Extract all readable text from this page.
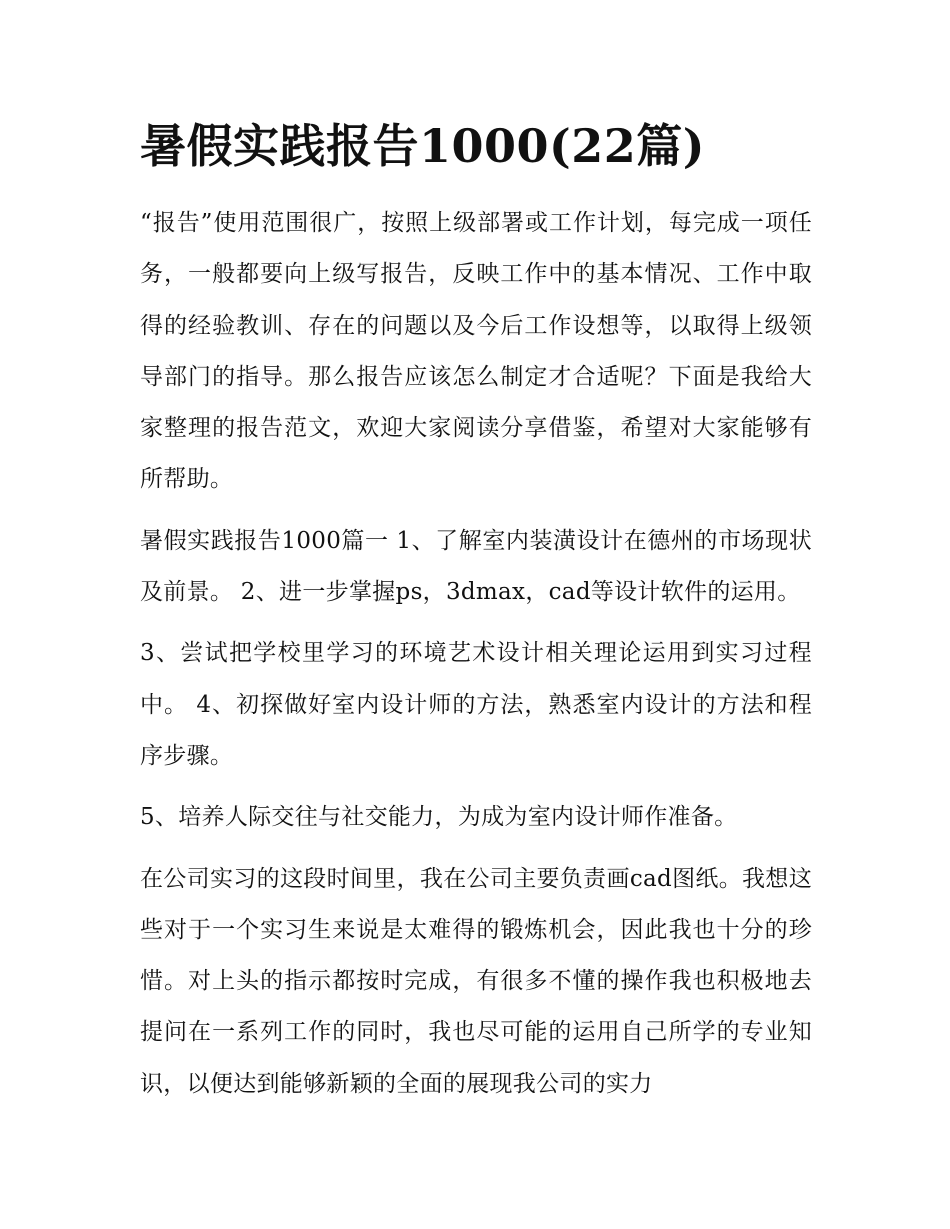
暑假实践报告1000(22篇)

“报告”使用范围很广，按照上级部署或工作计划，每完成一项任务，一般都要向上级写报告，反映工作中的基本情况、工作中取得的经验教训、存在的问题以及今后工作设想等，以取得上级领导部门的指导。那么报告应该怎么制定才合适呢？下面是我给大家整理的报告范文，欢迎大家阅读分享借鉴，希望对大家能够有所帮助。

暑假实践报告1000篇一 1、了解室内装潢设计在德州的市场现状及前景。 2、进一步掌握ps，3dmax，cad等设计软件的运用。

3、尝试把学校里学习的环境艺术设计相关理论运用到实习过程中。 4、初探做好室内设计师的方法，熟悉室内设计的方法和程序步骤。

5、培养人际交往与社交能力，为成为室内设计师作准备。

在公司实习的这段时间里，我在公司主要负责画cad图纸。我想这些对于一个实习生来说是太难得的锻炼机会，因此我也十分的珍惜。对上头的指示都按时完成，有很多不懂的操作我也积极地去提问在一系列工作的同时，我也尽可能的运用自己所学的专业知识，以便达到能够新颖的全面的展现我公司的实力
